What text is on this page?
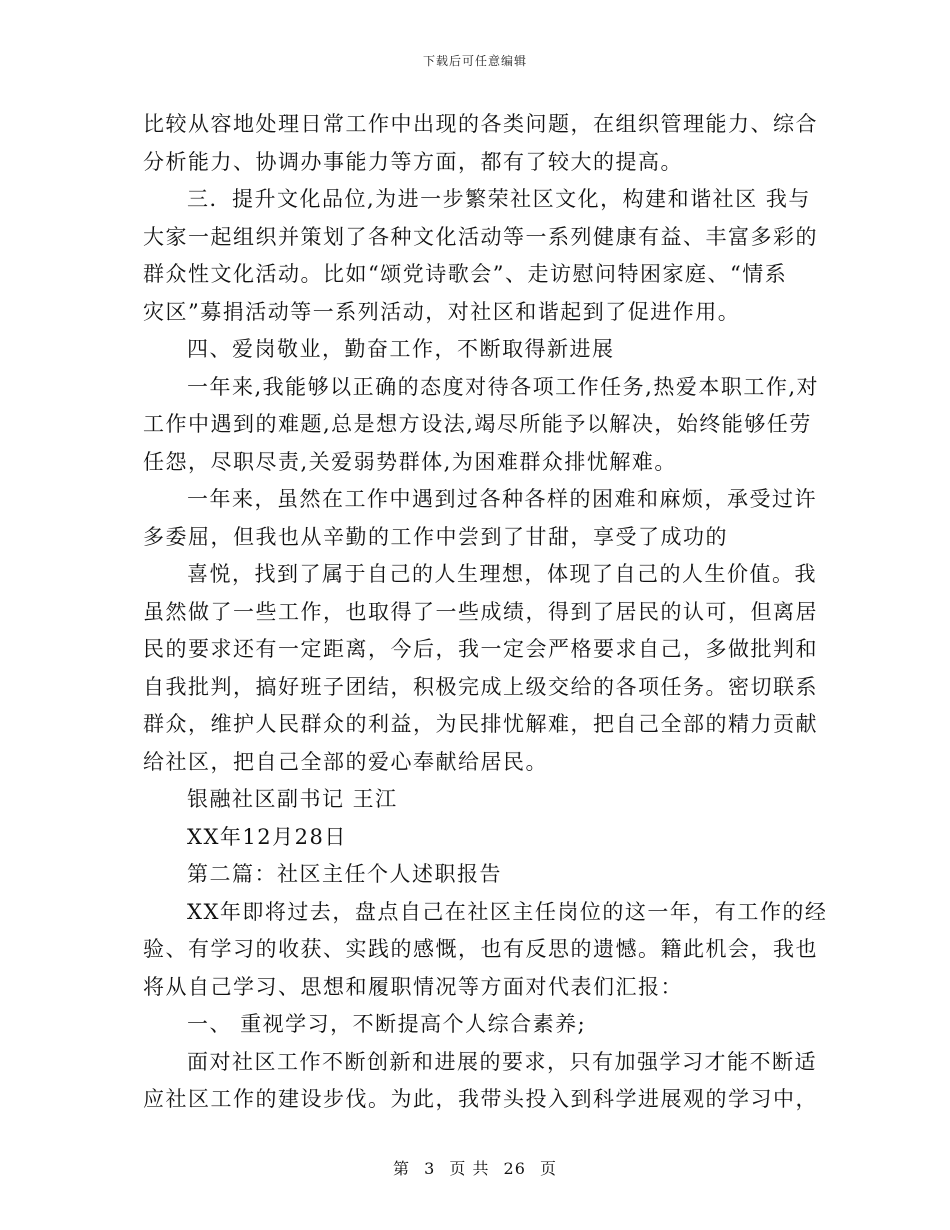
下载后可任意编辑
比较从容地处理日常工作中出现的各类问题，在组织管理能力、综合
分析能力、协调办事能力等方面，都有了较大的提高。
三．提升文化品位,为进一步繁荣社区文化，构建和谐社区 我与
大家一起组织并策划了各种文化活动等一系列健康有益、丰富多彩的
群众性文化活动。比如“颂党诗歌会”、走访慰问特困家庭、“情系
灾区”募捐活动等一系列活动，对社区和谐起到了促进作用。
四、爱岗敬业，勤奋工作，不断取得新进展
一年来,我能够以正确的态度对待各项工作任务,热爱本职工作,对
工作中遇到的难题,总是想方设法,竭尽所能予以解决，始终能够任劳
任怨，尽职尽责,关爱弱势群体,为困难群众排忧解难。
一年来，虽然在工作中遇到过各种各样的困难和麻烦，承受过许
多委屈，但我也从辛勤的工作中尝到了甘甜，享受了成功的
喜悦，找到了属于自己的人生理想，体现了自己的人生价值。我
虽然做了一些工作，也取得了一些成绩，得到了居民的认可，但离居
民的要求还有一定距离，今后，我一定会严格要求自己，多做批判和
自我批判，搞好班子团结，积极完成上级交给的各项任务。密切联系
群众，维护人民群众的利益，为民排忧解难，把自己全部的精力贡献
给社区，把自己全部的爱心奉献给居民。
银融社区副书记 王江
XX年12月28日
第二篇：社区主任个人述职报告
XX年即将过去，盘点自己在社区主任岗位的这一年，有工作的经
验、有学习的收获、实践的感慨，也有反思的遗憾。籍此机会，我也
将从自己学习、思想和履职情况等方面对代表们汇报：
一、 重视学习，不断提高个人综合素养;
面对社区工作不断创新和进展的要求，只有加强学习才能不断适
应社区工作的建设步伐。为此，我带头投入到科学进展观的学习中，
第 3 页 共 26 页
